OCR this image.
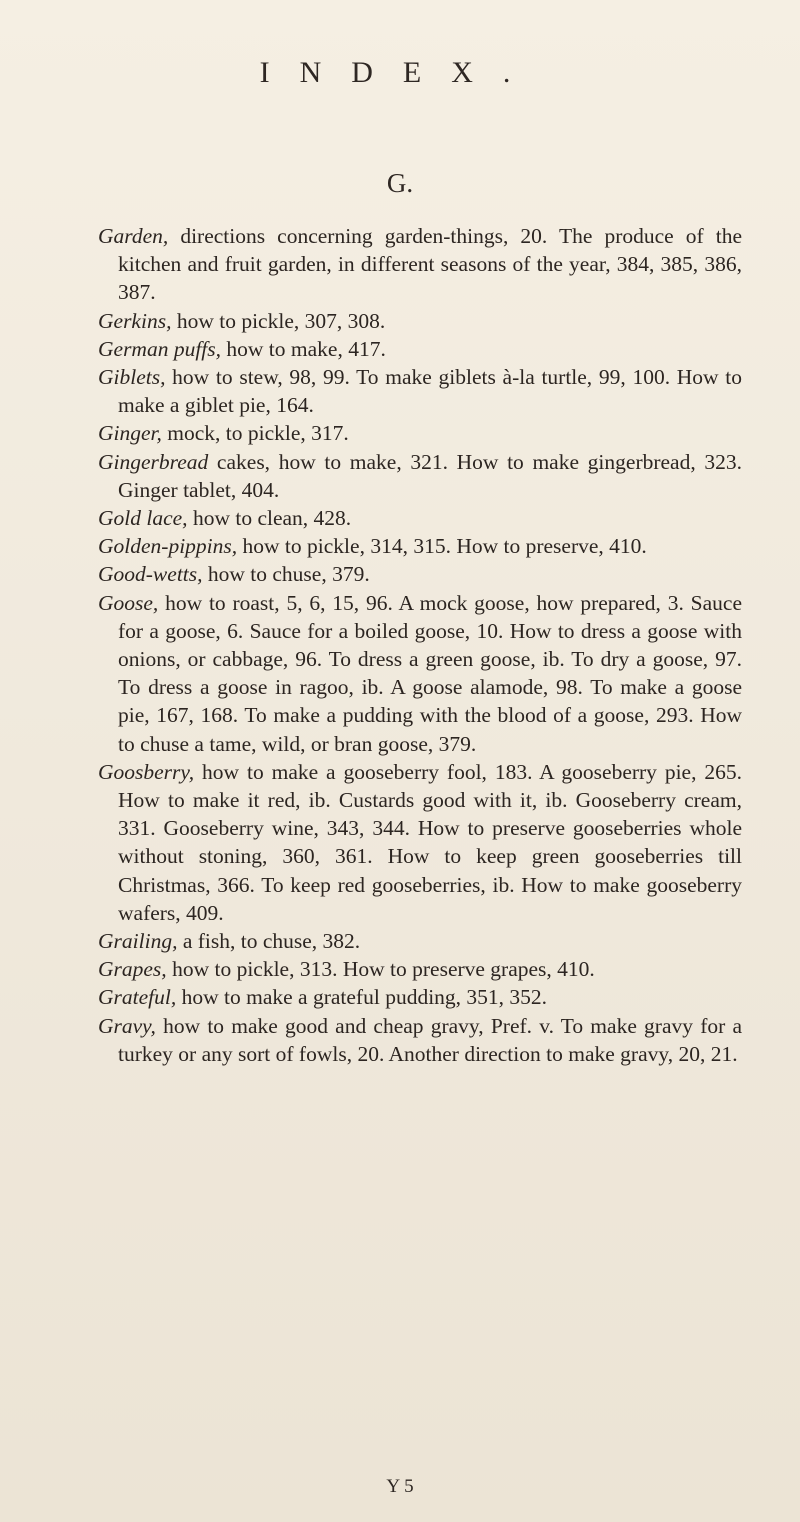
INDEX.
G.

Garden, directions concerning garden-things, 20. The produce of the kitchen and fruit garden, in different seasons of the year, 384, 385, 386, 387.

Gerkins, how to pickle, 307, 308.

German puffs, how to make, 417.

Giblets, how to stew, 98, 99. To make giblets à-la turtle, 99, 100. How to make a giblet pie, 164.

Ginger, mock, to pickle, 317.

Gingerbread cakes, how to make, 321. How to make gingerbread, 323. Ginger tablet, 404.

Gold lace, how to clean, 428.

Golden-pippins, how to pickle, 314, 315. How to preserve, 410.

Good-wetts, how to chuse, 379.

Goose, how to roast, 5, 6, 15, 96. A mock goose, how prepared, 3. Sauce for a goose, 6. Sauce for a boiled goose, 10. How to dress a goose with onions, or cabbage, 96. To dress a green goose, ib. To dry a goose, 97. To dress a goose in ragoo, ib. A goose alamode, 98. To make a goose pie, 167, 168. To make a pudding with the blood of a goose, 293. How to chuse a tame, wild, or bran goose, 379.

Goosberry, how to make a gooseberry fool, 183. A gooseberry pie, 265. How to make it red, ib. Custards good with it, ib. Gooseberry cream, 331. Gooseberry wine, 343, 344. How to preserve gooseberries whole without stoning, 360, 361. How to keep green gooseberries till Christmas, 366. To keep red gooseberries, ib. How to make gooseberry wafers, 409.

Grailing, a fish, to chuse, 382.

Grapes, how to pickle, 313. How to preserve grapes, 410.

Grateful, how to make a grateful pudding, 351, 352.

Gravy, how to make good and cheap gravy, Pref. v. To make gravy for a turkey or any sort of fowls, 20. Another direction to make gravy, 20, 21.

Y 5
